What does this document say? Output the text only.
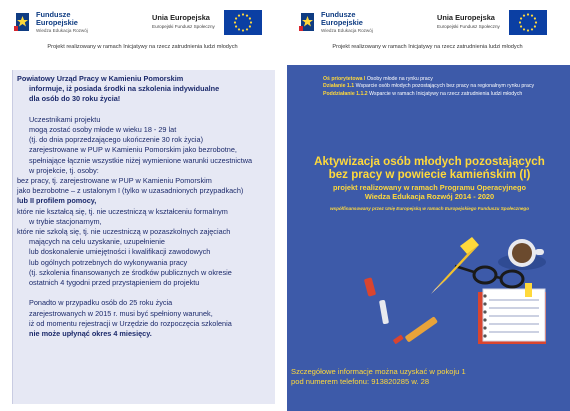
Fundusze
Europejskie
Wiedza Edukacja Rozwój
Unia Europejska
Europejski Fundusz Społeczny
Projekt realizowany w ramach Inicjatywy na rzecz zatrudnienia ludzi młodych
Powiatowy Urząd Pracy w Kamieniu Pomorskim
informuje, iż posiada środki na szkolenia indywidualne
dla osób do 30 roku życia!

Uczestnikami projektu
mogą zostać osoby młode w wieku 18 - 29 lat
(tj. do dnia poprzedzającego ukończenie 30 rok życia)
zarejestrowane w PUP w Kamieniu Pomorskim jako bezrobotne,
spełniające łącznie wszystkie niżej wymienione warunki uczestnictwa
w projekcie, tj. osoby:
bez pracy, tj. zarejestrowane w PUP w Kamieniu Pomorskim
jako bezrobotne – z ustalonym I (tylko w uzasadnionych przypadkach)
lub II profilem pomocy,
które nie kształcą się, tj. nie uczestniczą w kształceniu formalnym
w trybie stacjonarnym,
które nie szkolą się, tj. nie uczestniczą w pozaszkolnych zajęciach
mających na celu uzyskanie, uzupełnienie
lub doskonalenie umiejętności i kwalifikacji zawodowych
lub ogólnych potrzebnych do wykonywania pracy
(tj. szkolenia finansowanych ze środków publicznych w okresie
ostatnich 4 tygodni przed przystąpieniem do projektu

Ponadto w przypadku osób do 25 roku życia
zarejestrowanych w 2015 r. musi być spełniony warunek,
iż od momentu rejestracji w Urzędzie do rozpoczęcia szkolenia
nie może upłynąć okres 4 miesięcy.
Fundusze
Europejskie
Wiedza Edukacja Rozwój
Unia Europejska
Europejski Fundusz Społeczny
Projekt realizowany w ramach Inicjatywy na rzecz zatrudnienia ludzi młodych
Oś priorytetowa I Osoby młode na rynku pracy
Działanie 1.1 Wsparcie osób młodych pozostających bez pracy na regionalnym rynku pracy
Poddziałanie 1.1.2 Wsparcie w ramach Inicjatywy na rzecz zatrudnienia ludzi młodych
Aktywizacja osób młodych pozostających
bez pracy w powiecie kamieńskim (I)
projekt realizowany w ramach Programu Operacyjnego
Wiedza Edukacja Rozwój 2014 - 2020
współfinansowany przez Unię Europejską w ramach Europejskiego Funduszu Społecznego
Szczegółowe informacje można uzyskać w pokoju 1
pod numerem telefonu: 913820285 w. 28
